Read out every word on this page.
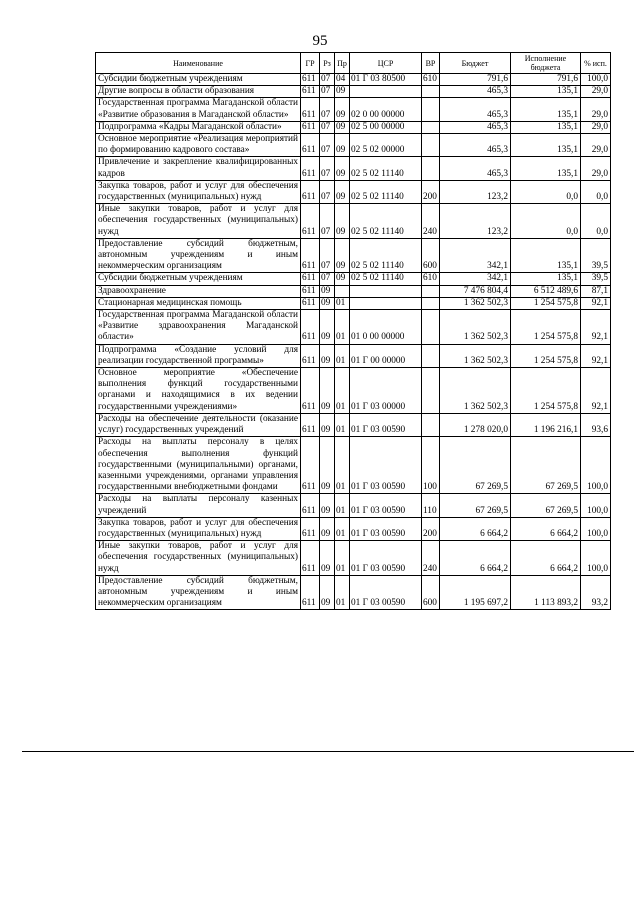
95
Наименование	ГР	Рз	Пр	ЦСР	ВР	Бюджет	Исполнение бюджета	% исп.
Субсидии бюджетным учреждениям	611	07	04	01 Г 03 80500	610	791,6	791,6	100,0
Другие вопросы в области образования	611	07	09			465,3	135,1	29,0
Государственная программа Магаданской области «Развитие образования в Магаданской области»	611	07	09	02 0 00 00000		465,3	135,1	29,0
Подпрограмма «Кадры Магаданской области»	611	07	09	02 5 00 00000		465,3	135,1	29,0
Основное мероприятие «Реализация мероприятий по формированию кадрового состава»	611	07	09	02 5 02 00000		465,3	135,1	29,0
Привлечение и закрепление квалифицированных кадров	611	07	09	02 5 02 11140		465,3	135,1	29,0
Закупка товаров, работ и услуг для обеспечения государственных (муниципальных) нужд	611	07	09	02 5 02 11140	200	123,2	0,0	0,0
Иные закупки товаров, работ и услуг для обеспечения государственных (муниципальных) нужд	611	07	09	02 5 02 11140	240	123,2	0,0	0,0
Предоставление субсидий бюджетным, автономным учреждениям и иным некоммерческим организациям	611	07	09	02 5 02 11140	600	342,1	135,1	39,5
Субсидии бюджетным учреждениям	611	07	09	02 5 02 11140	610	342,1	135,1	39,5
Здравоохранение	611	09				7 476 804,4	6 512 489,6	87,1
Стационарная медицинская помощь	611	09	01			1 362 502,3	1 254 575,8	92,1
Государственная программа Магаданской области «Развитие здравоохранения Магаданской области»	611	09	01	01 0 00 00000		1 362 502,3	1 254 575,8	92,1
Подпрограмма «Создание условий для реализации государственной программы»	611	09	01	01 Г 00 00000		1 362 502,3	1 254 575,8	92,1
Основное мероприятие «Обеспечение выполнения функций государственными органами и находящимися в их ведении государственными учреждениями»	611	09	01	01 Г 03 00000		1 362 502,3	1 254 575,8	92,1
Расходы на обеспечение деятельности (оказание услуг) государственных учреждений	611	09	01	01 Г 03 00590		1 278 020,0	1 196 216,1	93,6
Расходы на выплаты персоналу в целях обеспечения выполнения функций государственными (муниципальными) органами, казенными учреждениями, органами управления государственными внебюджетными фондами	611	09	01	01 Г 03 00590	100	67 269,5	67 269,5	100,0
Расходы на выплаты персоналу казенных учреждений	611	09	01	01 Г 03 00590	110	67 269,5	67 269,5	100,0
Закупка товаров, работ и услуг для обеспечения государственных (муниципальных) нужд	611	09	01	01 Г 03 00590	200	6 664,2	6 664,2	100,0
Иные закупки товаров, работ и услуг для обеспечения государственных (муниципальных) нужд	611	09	01	01 Г 03 00590	240	6 664,2	6 664,2	100,0
Предоставление субсидий бюджетным, автономным учреждениям и иным некоммерческим организациям	611	09	01	01 Г 03 00590	600	1 195 697,2	1 113 893,2	93,2
